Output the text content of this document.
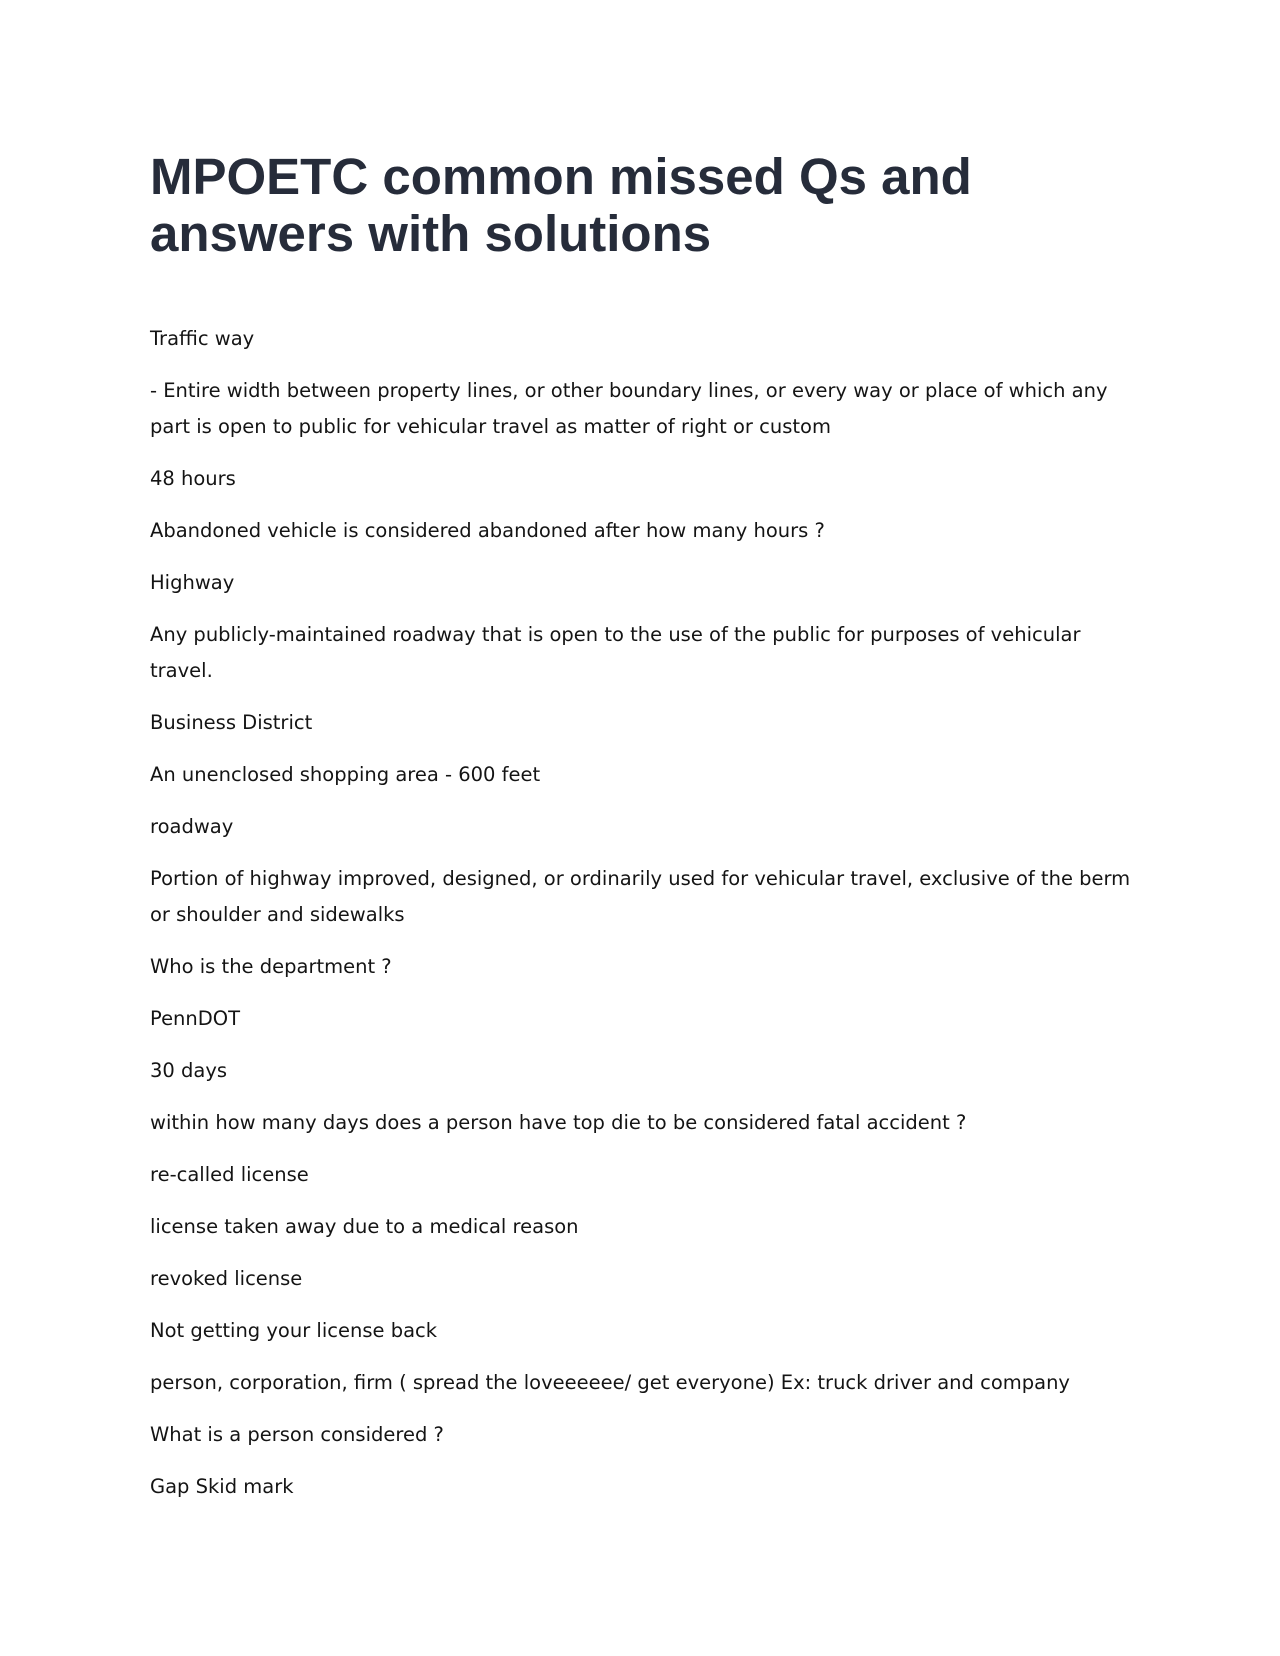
MPOETC common missed Qs and answers with solutions

Traffic way

- Entire width between property lines, or other boundary lines, or every way or place of which any part is open to public for vehicular travel as matter of right or custom

48 hours

Abandoned vehicle is considered abandoned after how many hours ?

Highway

Any publicly-maintained roadway that is open to the use of the public for purposes of vehicular travel.

Business District

An unenclosed shopping area - 600 feet

roadway

Portion of highway improved, designed, or ordinarily used for vehicular travel, exclusive of the berm or shoulder and sidewalks

Who is the department ?

PennDOT

30 days

within how many days does a person have top die to be considered fatal accident ?

re-called license

license taken away due to a medical reason

revoked license

Not getting your license back

person, corporation, firm ( spread the loveeeeee/ get everyone) Ex: truck driver and company

What is a person considered ?

Gap Skid mark
